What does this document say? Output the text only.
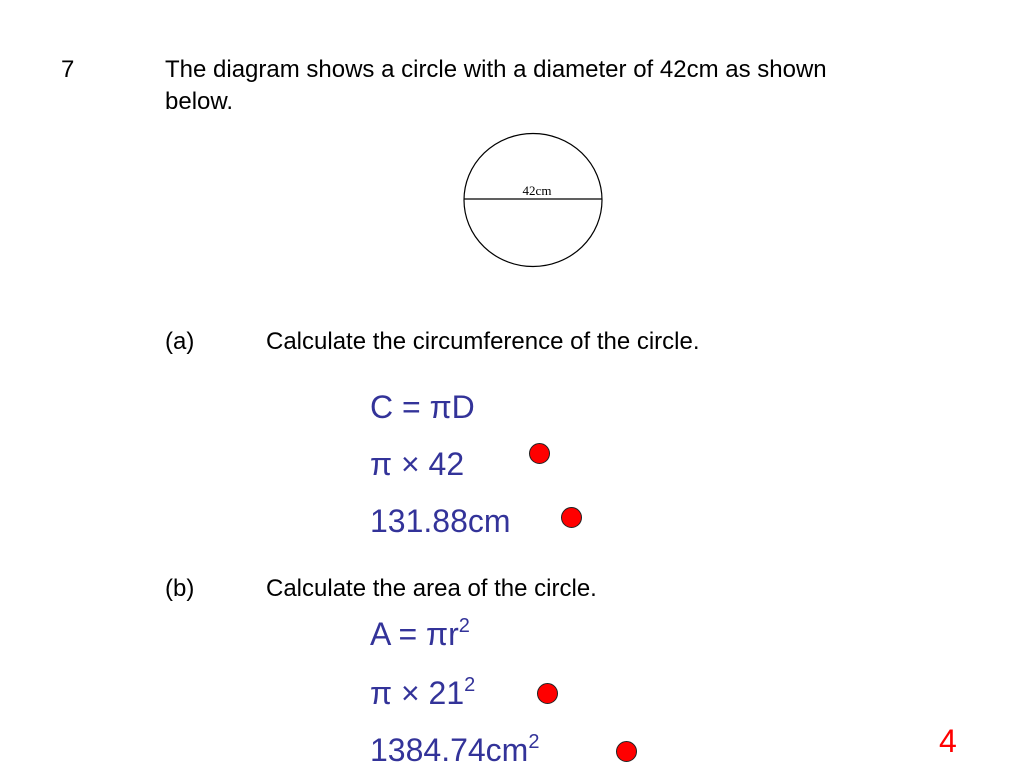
7	The diagram shows a circle with a diameter of 42cm as shown
below.
42cm
(a)	Calculate the circumference of the circle.
C = πD
π × 42
131.88cm
(b)	Calculate the area of the circle.
$A = \pi r^2$
$\pi \times 21^2$
$1384.74cm^2$	4
